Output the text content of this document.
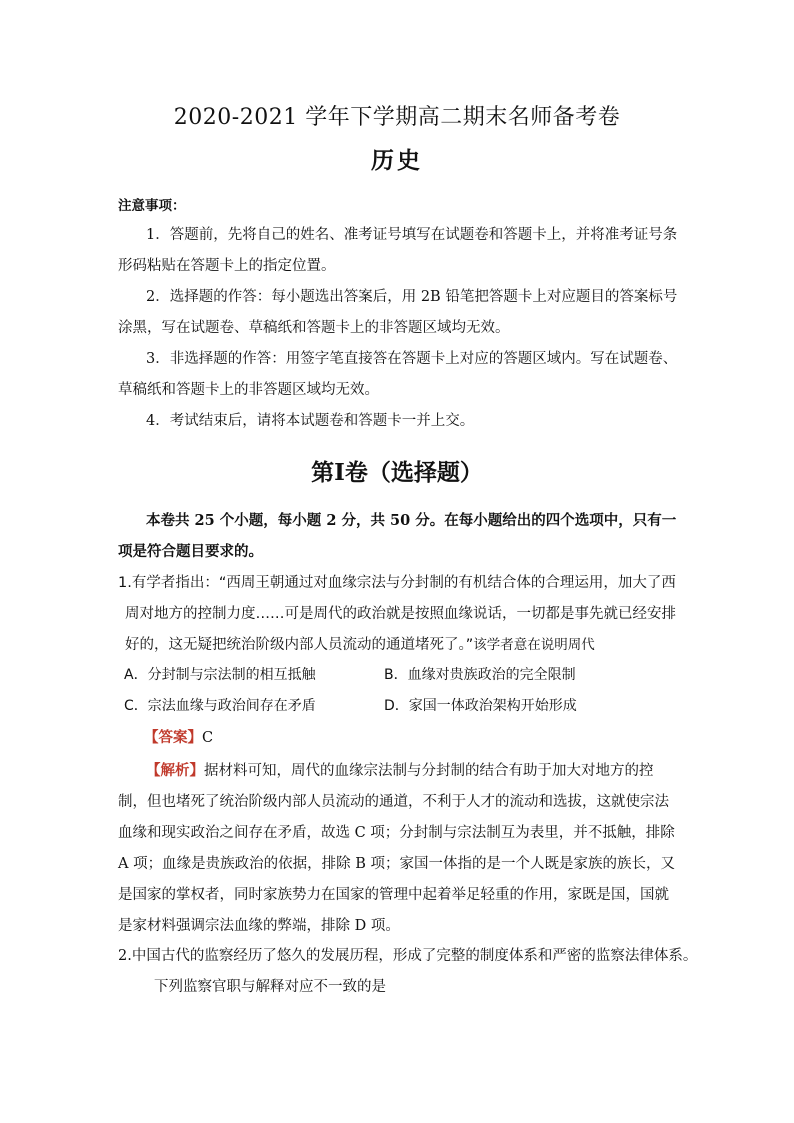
2020-2021 学年下学期高二期末名师备考卷
历史
注意事项：
1．答题前，先将自己的姓名、准考证号填写在试题卷和答题卡上，并将准考证号条形码粘贴在答题卡上的指定位置。
2．选择题的作答：每小题选出答案后，用 2B 铅笔把答题卡上对应题目的答案标号涂黑，写在试题卷、草稿纸和答题卡上的非答题区域均无效。
3．非选择题的作答：用签字笔直接答在答题卡上对应的答题区域内。写在试题卷、草稿纸和答题卡上的非答题区域均无效。
4．考试结束后，请将本试题卷和答题卡一并上交。
第Ⅰ卷（选择题）
本卷共 25 个小题，每小题 2 分，共 50 分。在每小题给出的四个选项中，只有一项是符合题目要求的。
1.有学者指出：“西周王朝通过对血缘宗法与分封制的有机结合体的合理运用，加大了西
周对地方的控制力度……可是周代的政治就是按照血缘说话，一切都是事先就已经安排
好的，这无疑把统治阶级内部人员流动的通道堵死了。”该学者意在说明周代
A．分封制与宗法制的相互抵触	B．血缘对贵族政治的完全限制
C．宗法血缘与政治间存在矛盾	D．家国一体政治架构开始形成
【答案】C
【解析】据材料可知，周代的血缘宗法制与分封制的结合有助于加大对地方的控制，但也堵死了统治阶级内部人员流动的通道，不利于人才的流动和选拔，这就使宗法血缘和现实政治之间存在矛盾，故选 C 项；分封制与宗法制互为表里，并不抵触，排除 A 项；血缘是贵族政治的依据，排除 B 项；家国一体指的是一个人既是家族的族长，又是国家的掌权者，同时家族势力在国家的管理中起着举足轻重的作用，家既是国，国就是家材料强调宗法血缘的弊端，排除 D 项。
2.中国古代的监察经历了悠久的发展历程，形成了完整的制度体系和严密的监察法律体系。
下列监察官职与解释对应不一致的是
